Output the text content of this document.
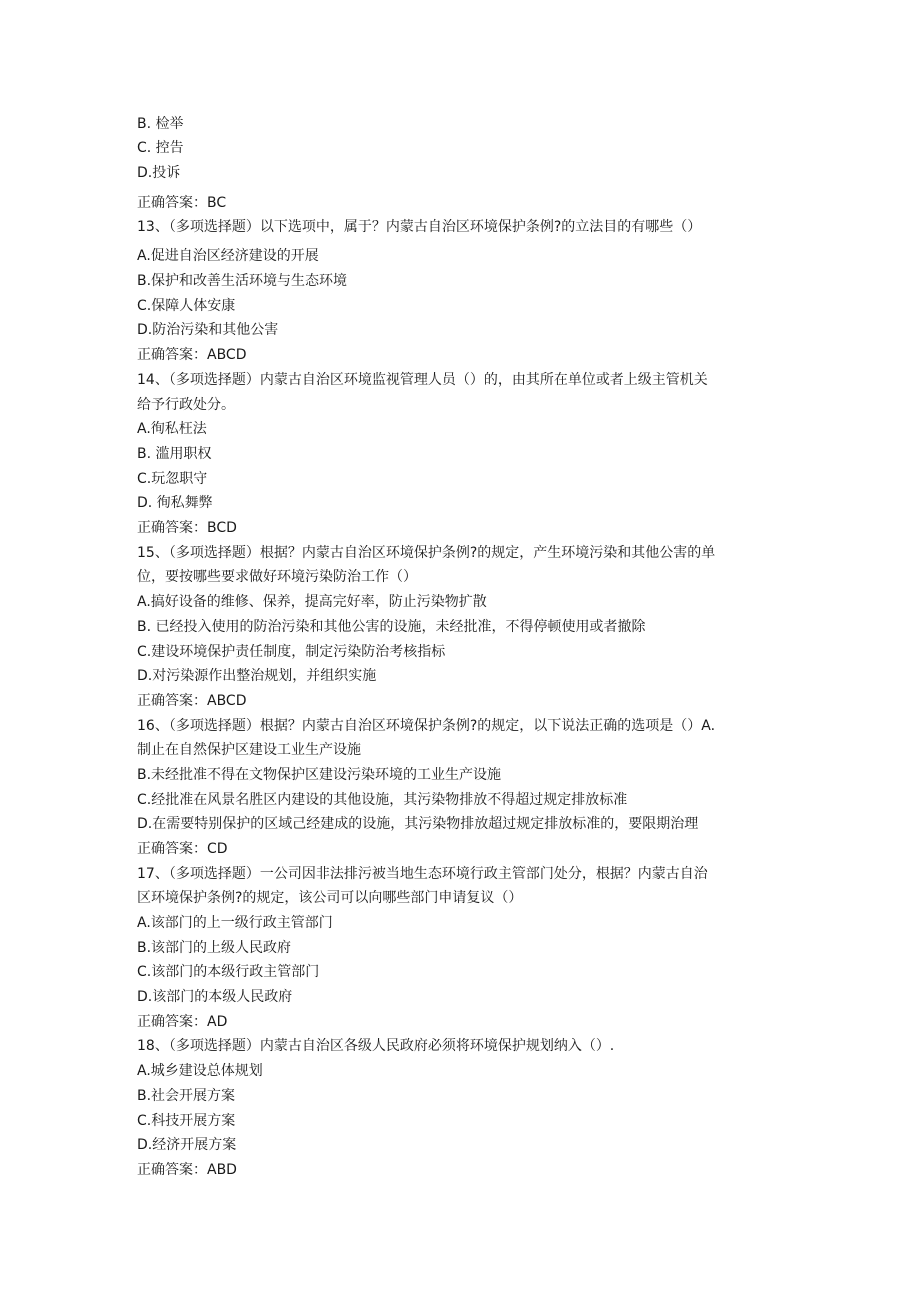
B. 检举
C. 控告
D.投诉
正确答案：BC
13、（多项选择题）以下选项中，属于？内蒙古自治区环境保护条例?的立法目的有哪些（）
A.促进自治区经济建设的开展
B.保护和改善生活环境与生态环境
C.保障人体安康
D.防治污染和其他公害
正确答案：ABCD
14、（多项选择题）内蒙古自治区环境监视管理人员（）的，由其所在单位或者上级主管机关
给予行政处分。
A.徇私枉法
B. 滥用职权
C.玩忽职守
D. 徇私舞弊
正确答案：BCD
15、（多项选择题）根据？内蒙古自治区环境保护条例?的规定，产生环境污染和其他公害的单
位，要按哪些要求做好环境污染防治工作（）
A.搞好设备的维修、保养，提高完好率，防止污染物扩散
B. 已经投入使用的防治污染和其他公害的设施，未经批准，不得停顿使用或者撤除
C.建设环境保护责任制度，制定污染防治考核指标
D.对污染源作出整治规划，并组织实施
正确答案：ABCD
16、（多项选择题）根据？内蒙古自治区环境保护条例?的规定，以下说法正确的选项是（）A.
制止在自然保护区建设工业生产设施
B.未经批准不得在文物保护区建设污染环境的工业生产设施
C.经批准在风景名胜区内建设的其他设施，其污染物排放不得超过规定排放标准
D.在需要特别保护的区域己经建成的设施，其污染物排放超过规定排放标准的，要限期治理
正确答案：CD
17、（多项选择题）一公司因非法排污被当地生态环境行政主管部门处分，根据？内蒙古自治
区环境保护条例?的规定，该公司可以向哪些部门申请复议（）
A.该部门的上一级行政主管部门
B.该部门的上级人民政府
C.该部门的本级行政主管部门
D.该部门的本级人民政府
正确答案：AD
18、（多项选择题）内蒙古自治区各级人民政府必须将环境保护规划纳入（）.
A.城乡建设总体规划
B.社会开展方案
C.科技开展方案
D.经济开展方案
正确答案：ABD
